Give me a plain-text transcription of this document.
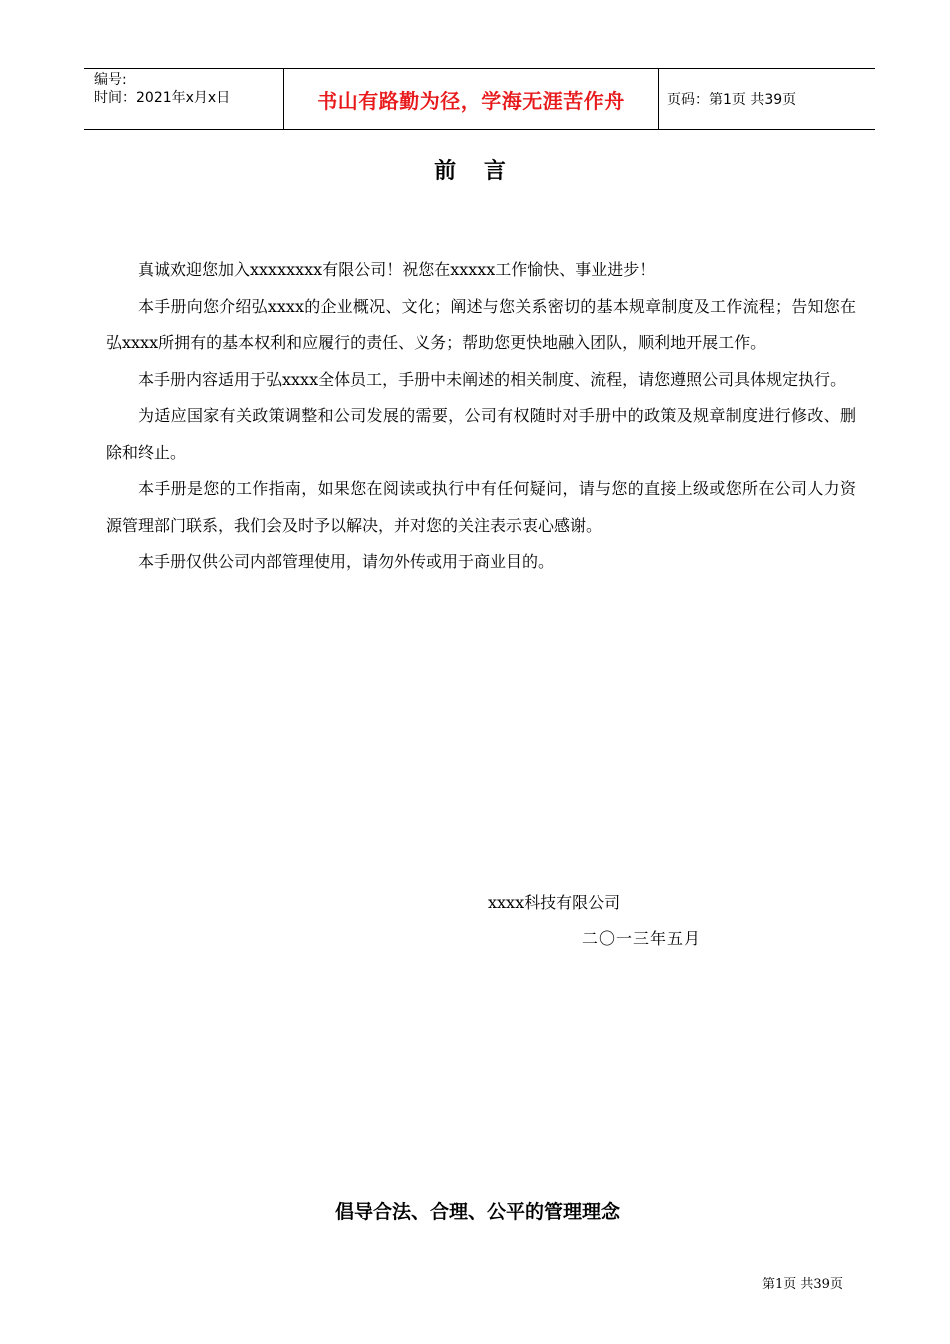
编号:
时间：2021年x月x日	书山有路勤为径，学海无涯苦作舟	页码：第1页 共39页
前 言

真诚欢迎您加入xxxxxxxx有限公司！祝您在xxxxx工作愉快、事业进步！

本手册向您介绍弘xxxx的企业概况、文化；阐述与您关系密切的基本规章制度及工作流程；告知您在弘xxxx所拥有的基本权利和应履行的责任、义务；帮助您更快地融入团队，顺利地开展工作。

本手册内容适用于弘xxxx全体员工，手册中未阐述的相关制度、流程，请您遵照公司具体规定执行。

为适应国家有关政策调整和公司发展的需要，公司有权随时对手册中的政策及规章制度进行修改、删除和终止。

本手册是您的工作指南，如果您在阅读或执行中有任何疑问，请与您的直接上级或您所在公司人力资源管理部门联系，我们会及时予以解决，并对您的关注表示衷心感谢。

本手册仅供公司内部管理使用，请勿外传或用于商业目的。

xxxx科技有限公司
二〇一三年五月
倡导合法、合理、公平的管理理念
第1页 共39页
